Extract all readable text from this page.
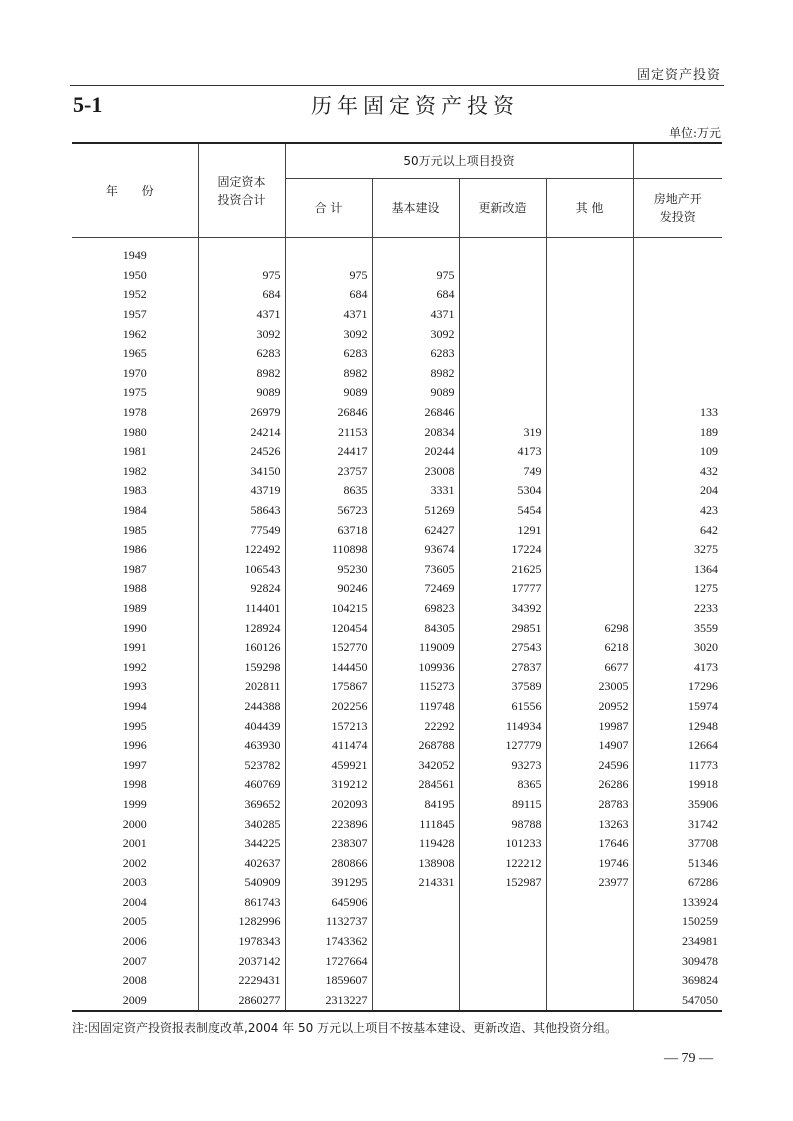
固定资产投资
5-1	历年固定资产投资
单位:万元
年 份	固定资本投资合计	50万元以上项目投资				
		合 计	基本建设	更新改造	其 他	房地产开发投资

1949						
1950	975	975	975			
1952	684	684	684			
1957	4371	4371	4371			
1962	3092	3092	3092			
1965	6283	6283	6283			
1970	8982	8982	8982			
1975	9089	9089	9089			
1978	26979	26846	26846			133
1980	24214	21153	20834	319		189
1981	24526	24417	20244	4173		109
1982	34150	23757	23008	749		432
1983	43719	8635	3331	5304		204
1984	58643	56723	51269	5454		423
1985	77549	63718	62427	1291		642
1986	122492	110898	93674	17224		3275
1987	106543	95230	73605	21625		1364
1988	92824	90246	72469	17777		1275
1989	114401	104215	69823	34392		2233
1990	128924	120454	84305	29851	6298	3559
1991	160126	152770	119009	27543	6218	3020
1992	159298	144450	109936	27837	6677	4173
1993	202811	175867	115273	37589	23005	17296
1994	244388	202256	119748	61556	20952	15974
1995	404439	157213	22292	114934	19987	12948
1996	463930	411474	268788	127779	14907	12664
1997	523782	459921	342052	93273	24596	11773
1998	460769	319212	284561	8365	26286	19918
1999	369652	202093	84195	89115	28783	35906
2000	340285	223896	111845	98788	13263	31742
2001	344225	238307	119428	101233	17646	37708
2002	402637	280866	138908	122212	19746	51346
2003	540909	391295	214331	152987	23977	67286
2004	861743	645906				133924
2005	1282996	1132737				150259
2006	1978343	1743362				234981
2007	2037142	1727664				309478
2008	2229431	1859607				369824
2009	2860277	2313227				547050
注:因固定资产投资报表制度改革,2004 年 50 万元以上项目不按基本建设、更新改造、其他投资分组。
— 79 —
